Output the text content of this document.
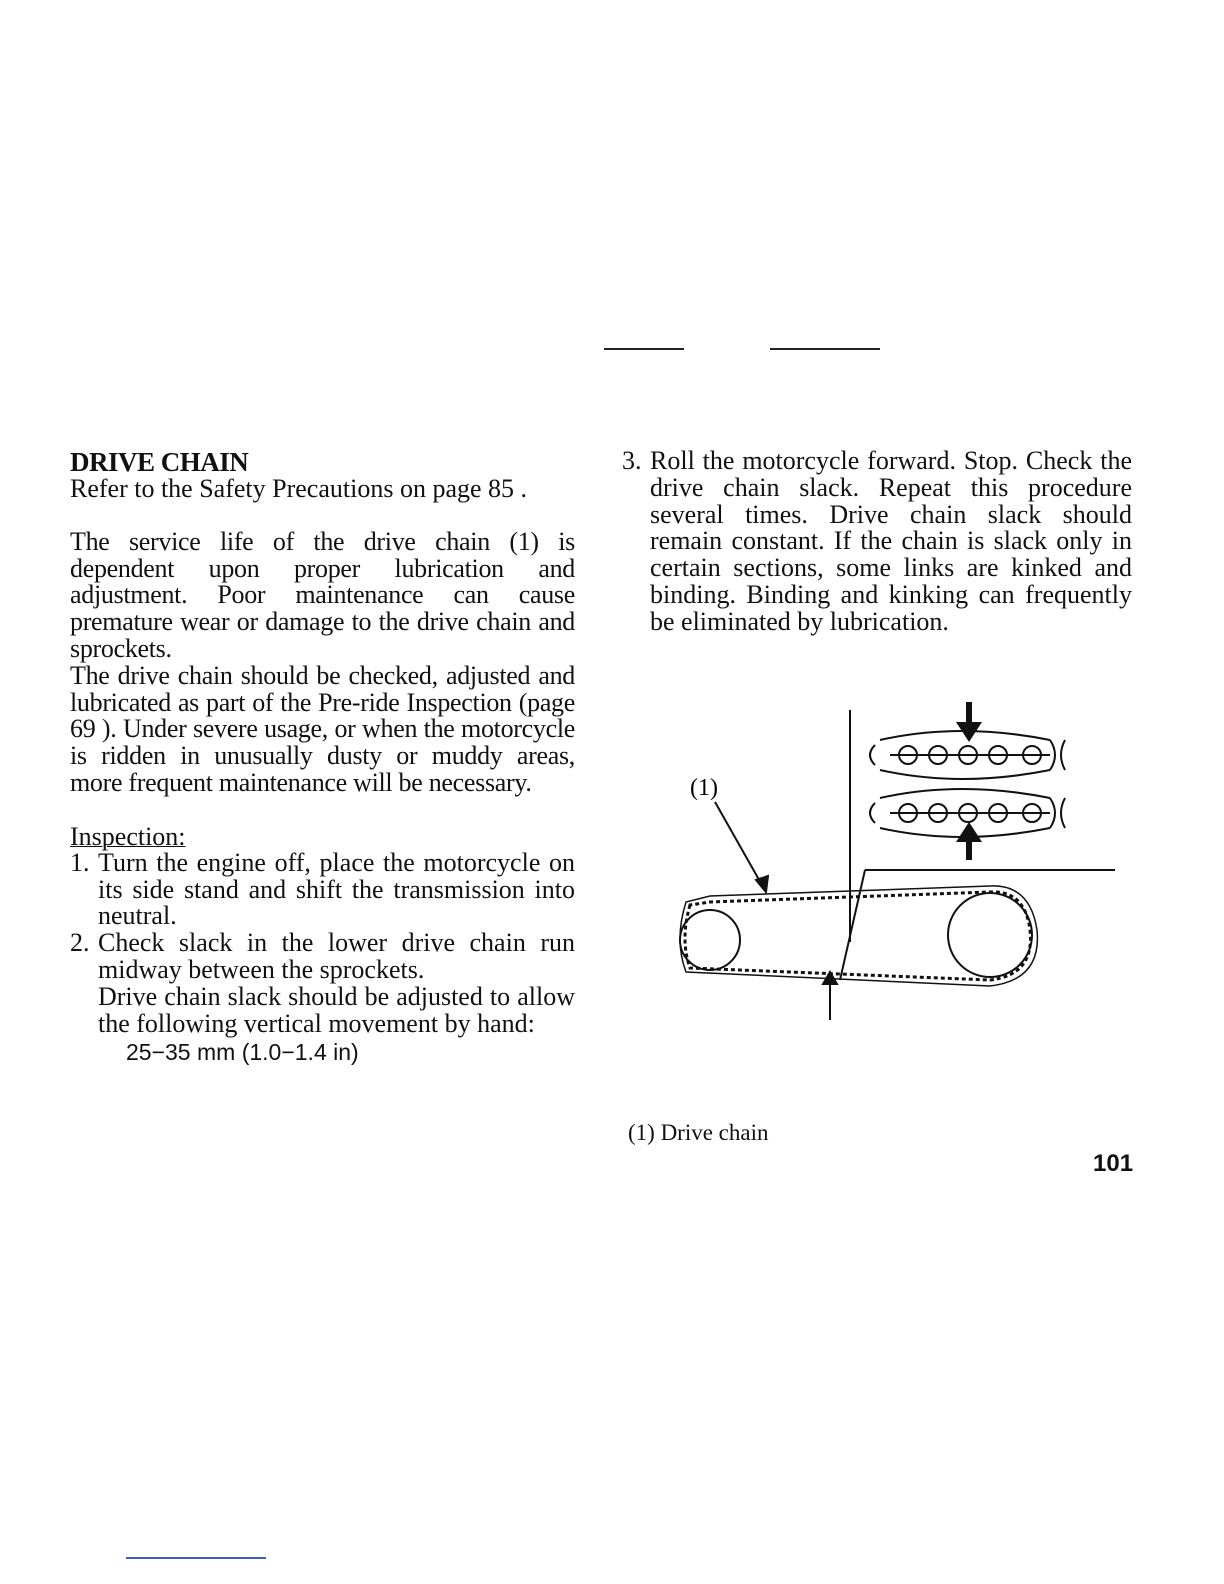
DRIVE CHAIN

Refer to the Safety Precautions on page 85 .

The service life of the drive chain (1) is dependent upon proper lubrication and adjustment. Poor maintenance can cause premature wear or damage to the drive chain and sprockets.

The drive chain should be checked, adjusted and lubricated as part of the Pre-ride Inspection (page 69 ). Under severe usage, or when the motorcycle is ridden in unusually dusty or muddy areas, more frequent maintenance will be necessary.

Inspection:
1. Turn the engine off, place the motorcycle on its side stand and shift the transmission into neutral.
2. Check slack in the lower drive chain run midway between the sprockets.
Drive chain slack should be adjusted to allow the following vertical movement by hand:
25−35 mm (1.0−1.4 in)
3. Roll the motorcycle forward. Stop. Check the drive chain slack. Repeat this procedure several times. Drive chain slack should remain constant. If the chain is slack only in certain sections, some links are kinked and binding. Binding and kinking can frequently be eliminated by lubrication.
(1)
(1) Drive chain
101
